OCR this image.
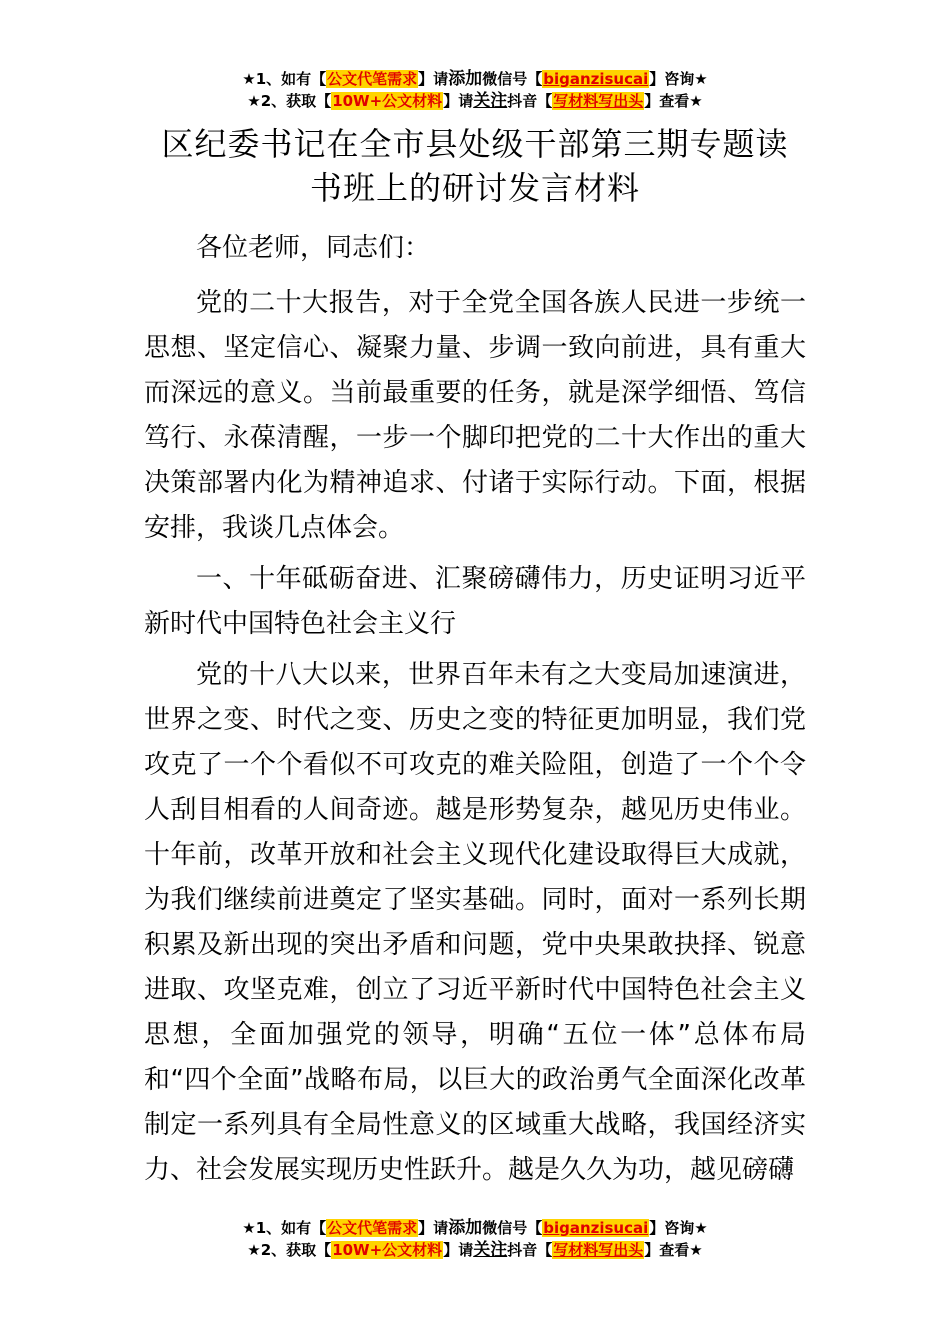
★1、如有【公文代笔需求】请添加微信号【biganzisucai】咨询★
★2、获取【10W+公文材料】请关注抖音【写材料写出头】查看★
区纪委书记在全市县处级干部第三期专题读
书班上的研讨发言材料

各位老师，同志们：

党的二十大报告，对于全党全国各族人民进一步统一思想、坚定信心、凝聚力量、步调一致向前进，具有重大而深远的意义。当前最重要的任务，就是深学细悟、笃信笃行、永葆清醒，一步一个脚印把党的二十大作出的重大决策部署内化为精神追求、付诸于实际行动。下面，根据安排，我谈几点体会。

一、十年砥砺奋进、汇聚磅礴伟力，历史证明习近平新时代中国特色社会主义行

党的十八大以来，世界百年未有之大变局加速演进，世界之变、时代之变、历史之变的特征更加明显，我们党攻克了一个个看似不可攻克的难关险阻，创造了一个个令人刮目相看的人间奇迹。越是形势复杂，越见历史伟业。十年前，改革开放和社会主义现代化建设取得巨大成就，为我们继续前进奠定了坚实基础。同时，面对一系列长期积累及新出现的突出矛盾和问题，党中央果敢抉择、锐意进取、攻坚克难，创立了习近平新时代中国特色社会主义思想，全面加强党的领导，明确“五位一体”总体布局和“四个全面”战略布局，以巨大的政治勇气全面深化改革制定一系列具有全局性意义的区域重大战略，我国经济实力、社会发展实现历史性跃升。越是久久为功，越见磅礴

★1、如有【公文代笔需求】请添加微信号【biganzisucai】咨询★
★2、获取【10W+公文材料】请关注抖音【写材料写出头】查看★
